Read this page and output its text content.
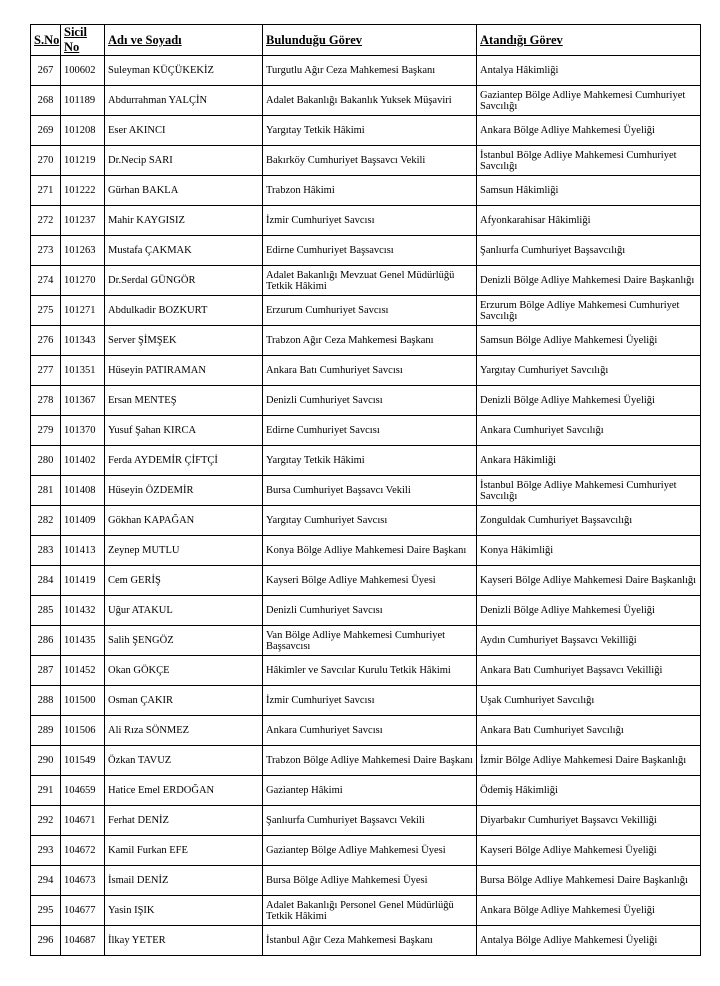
S.No	Sicil No	Adı ve Soyadı	Bulunduğu Görev	Atandığı Görev
267	100602	Suleyman KÜÇÜKEKİZ	Turgutlu Ağır Ceza Mahkemesi Başkanı	Antalya Hâkimliği
268	101189	Abdurrahman YALÇİN	Adalet Bakanlığı Bakanlık Yuksek Müşaviri	Gaziantep Bölge Adliye Mahkemesi Cumhuriyet Savcılığı
269	101208	Eser AKINCI	Yargıtay Tetkik Hâkimi	Ankara Bölge Adliye Mahkemesi Üyeliği
270	101219	Dr.Necip SARI	Bakırköy Cumhuriyet Başsavcı Vekili	İstanbul Bölge Adliye Mahkemesi Cumhuriyet Savcılığı
271	101222	Gürhan BAKLA	Trabzon Hâkimi	Samsun Hâkimliği
272	101237	Mahir KAYGISIZ	İzmir Cumhuriyet Savcısı	Afyonkarahisar Hâkimliği
273	101263	Mustafa ÇAKMAK	Edirne Cumhuriyet Başsavcısı	Şanlıurfa Cumhuriyet Başsavcılığı
274	101270	Dr.Serdal GÜNGÖR	Adalet Bakanlığı Mevzuat Genel Müdürlüğü Tetkik Hâkimi	Denizli Bölge Adliye Mahkemesi Daire Başkanlığı
275	101271	Abdulkadir BOZKURT	Erzurum Cumhuriyet Savcısı	Erzurum Bölge Adliye Mahkemesi Cumhuriyet Savcılığı
276	101343	Server ŞİMŞEK	Trabzon Ağır Ceza Mahkemesi Başkanı	Samsun Bölge Adliye Mahkemesi Üyeliği
277	101351	Hüseyin PATIRAMAN	Ankara Batı Cumhuriyet Savcısı	Yargıtay Cumhuriyet Savcılığı
278	101367	Ersan MENTEŞ	Denizli Cumhuriyet Savcısı	Denizli Bölge Adliye Mahkemesi Üyeliği
279	101370	Yusuf Şahan KIRCA	Edirne Cumhuriyet Savcısı	Ankara Cumhuriyet Savcılığı
280	101402	Ferda AYDEMİR ÇİFTÇİ	Yargıtay Tetkik Hâkimi	Ankara Hâkimliği
281	101408	Hüseyin ÖZDEMİR	Bursa Cumhuriyet Başsavcı Vekili	İstanbul Bölge Adliye Mahkemesi Cumhuriyet Savcılığı
282	101409	Gökhan KAPAĞAN	Yargıtay Cumhuriyet Savcısı	Zonguldak Cumhuriyet Başsavcılığı
283	101413	Zeynep MUTLU	Konya Bölge Adliye Mahkemesi Daire Başkanı	Konya Hâkimliği
284	101419	Cem GERİŞ	Kayseri Bölge Adliye Mahkemesi Üyesi	Kayseri Bölge Adliye Mahkemesi Daire Başkanlığı
285	101432	Uğur ATAKUL	Denizli Cumhuriyet Savcısı	Denizli Bölge Adliye Mahkemesi Üyeliği
286	101435	Salih ŞENGÖZ	Van Bölge Adliye Mahkemesi Cumhuriyet Başsavcısı	Aydın Cumhuriyet Başsavcı Vekilliği
287	101452	Okan GÖKÇE	Hâkimler ve Savcılar Kurulu Tetkik Hâkimi	Ankara Batı Cumhuriyet Başsavcı Vekilliği
288	101500	Osman ÇAKIR	İzmir Cumhuriyet Savcısı	Uşak Cumhuriyet Savcılığı
289	101506	Ali Rıza SÖNMEZ	Ankara Cumhuriyet Savcısı	Ankara Batı Cumhuriyet Savcılığı
290	101549	Özkan TAVUZ	Trabzon Bölge Adliye Mahkemesi Daire Başkanı	İzmir Bölge Adliye Mahkemesi Daire Başkanlığı
291	104659	Hatice Emel ERDOĞAN	Gaziantep Hâkimi	Ödemiş Hâkimliği
292	104671	Ferhat DENİZ	Şanlıurfa Cumhuriyet Başsavcı Vekili	Diyarbakır Cumhuriyet Başsavcı Vekilliği
293	104672	Kamil Furkan EFE	Gaziantep Bölge Adliye Mahkemesi Üyesi	Kayseri Bölge Adliye Mahkemesi Üyeliği
294	104673	İsmail DENİZ	Bursa Bölge Adliye Mahkemesi Üyesi	Bursa Bölge Adliye Mahkemesi Daire Başkanlığı
295	104677	Yasin IŞIK	Adalet Bakanlığı Personel Genel Müdürlüğü Tetkik Hâkimi	Ankara Bölge Adliye Mahkemesi Üyeliği
296	104687	İlkay YETER	İstanbul Ağır Ceza Mahkemesi Başkanı	Antalya Bölge Adliye Mahkemesi Üyeliği
